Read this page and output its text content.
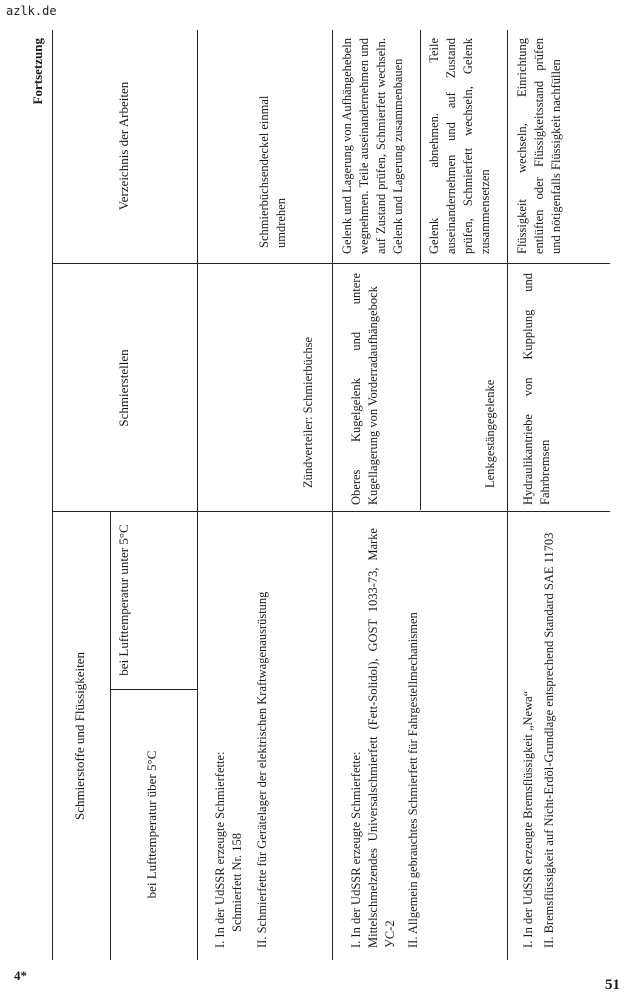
azlk.de
4*
51
Fortsetzung
Schmierstoffe und Flüssigkeiten
bei Lufttemperatur über 5°C
bei Lufttemperatur unter 5°C
Schmierstellen
Verzeichnis der Arbeiten

I. In der UdSSR erzeugte Schmierfette: Schmierfett Nr. 158 II. Schmierfette für Gerätelager der elektrischen Kraftwagenausrüstung

Zündverteiler: Schmierbüchse
Schmierbüchsendeckel einmal umdrehen

I. In der UdSSR erzeugte Schmierfette: Mittelschmelzendes Universalschmierfett (Fett-Solidol), GOST 1033-73, Marke УС-2 II. Allgemein gebrauchtes Schmierfett für Fahrgestellmechanismen

Oberes Kugelgelenk und untere Kugellagerung von Vorderradaufhängebock
Gelenk und Lagerung von Aufhängehebeln wegnehmen. Teile auseinandernehmen und auf Zustand prüfen, Schmierfett wechseln. Gelenk und Lagerung zusammenbauen
Lenkgestängegelenke
Gelenk abnehmen. Teile auseinandernehmen und auf Zustand prüfen, Schmierfett wechseln, Gelenk zusammensetzen

I. In der UdSSR erzeugte Bremsflüssigkeit „Newa“ II. Bremsflüssigkeit auf Nicht-Erdöl-Grundlage entsprechend Standard SAE 11703

Hydraulikantriebe von Kupplung und Fahrbremsen
Flüssigkeit wechseln, Einrichtung entlüften oder Flüssigkeitsstand prüfen und nötigenfalls Flüssigkeit nachfüllen
